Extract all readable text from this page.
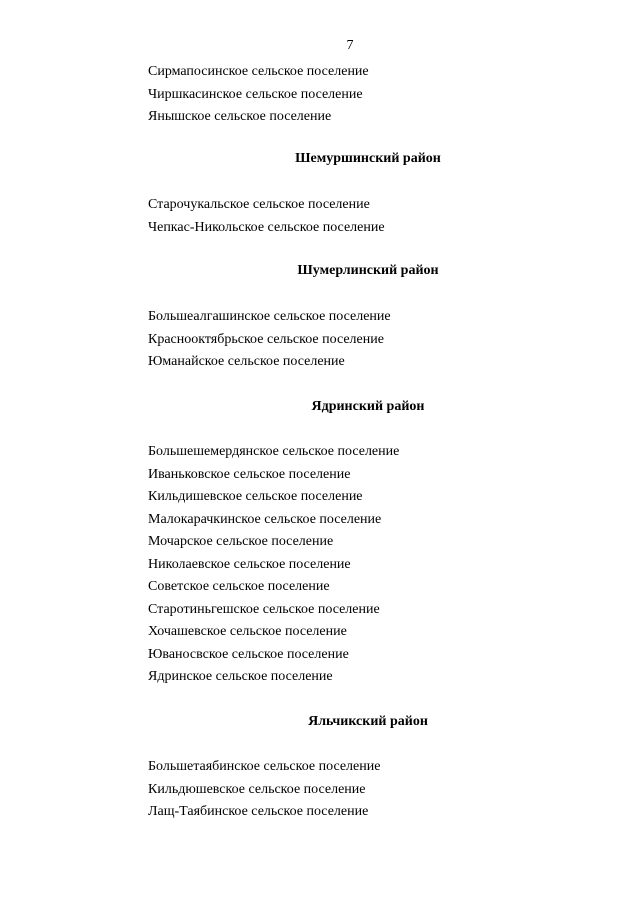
7
Сирмапосинское сельское поселение
Чиршкасинское сельское поселение
Янышское сельское поселение
Шемуршинский район
Старочукальское сельское поселение
Чепкас-Никольское сельское поселение
Шумерлинский район
Большеалгашинское сельское поселение
Краснооктябрьское сельское поселение
Юманайское сельское поселение
Ядринский район
Большешемердянское сельское поселение
Иваньковское сельское поселение
Кильдишевское сельское поселение
Малокарачкинское сельское поселение
Мочарское сельское поселение
Николаевское сельское поселение
Советское сельское поселение
Старотиньгешское сельское поселение
Хочашевское сельское поселение
Юваносвское сельское поселение
Ядринское сельское поселение
Яльчикский район
Большетаябинское сельское поселение
Кильдюшевское сельское поселение
Лащ-Таябинское сельское поселение
